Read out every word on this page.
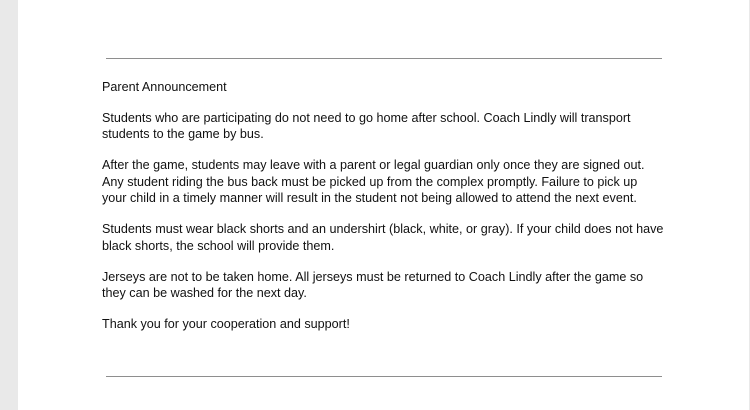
Parent Announcement

Students who are participating do not need to go home after school. Coach Lindly will transport students to the game by bus.

After the game, students may leave with a parent or legal guardian only once they are signed out. Any student riding the bus back must be picked up from the complex promptly. Failure to pick up your child in a timely manner will result in the student not being allowed to attend the next event.

Students must wear black shorts and an undershirt (black, white, or gray). If your child does not have black shorts, the school will provide them.

Jerseys are not to be taken home. All jerseys must be returned to Coach Lindly after the game so they can be washed for the next day.

Thank you for your cooperation and support!
